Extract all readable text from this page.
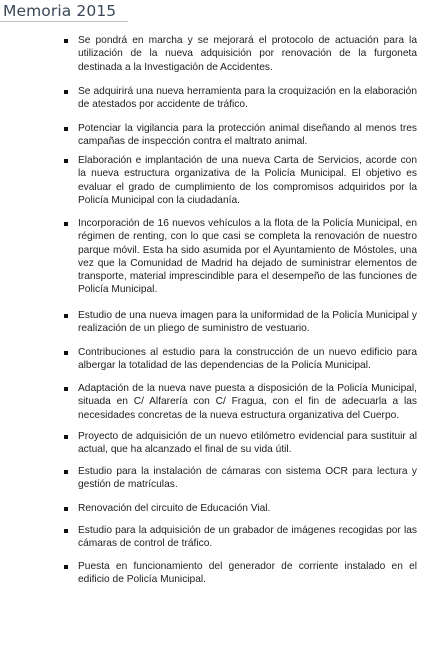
Memoria 2015
Se pondrá en marcha y se mejorará el protocolo de actuación para la utilización de la nueva adquisición por renovación de la furgoneta destinada a la Investigación de Accidentes.
Se adquirirá una nueva herramienta para la croquización en la elaboración de atestados por accidente de tráfico.
Potenciar la vigilancia para la protección animal diseñando al menos tres campañas de inspección contra el maltrato animal.
Elaboración e implantación de una nueva Carta de Servicios, acorde con la nueva estructura organizativa de la Policía Municipal. El objetivo es evaluar el grado de cumplimiento de los compromisos adquiridos por la Policía Municipal con la ciudadanía.
Incorporación de 16 nuevos vehículos a la flota de la Policía Municipal, en régimen de renting, con lo que casi se completa la renovación de nuestro parque móvil. Esta ha sido asumida por el Ayuntamiento de Móstoles, una vez que la Comunidad de Madrid ha dejado de suministrar elementos de transporte, material imprescindible para el desempeño de las funciones de Policía Municipal.
Estudio de una nueva imagen para la uniformidad de la Policía Municipal y realización de un pliego de suministro de vestuario.
Contribuciones al estudio para la construcción de un nuevo edificio para albergar la totalidad de las dependencias de la Policía Municipal.
Adaptación de la nueva nave puesta a disposición de la Policía Municipal, situada en C/ Alfarería con C/ Fragua, con el fin de adecuarla a las necesidades concretas de la nueva estructura organizativa del Cuerpo.
Proyecto de adquisición de un nuevo etilómetro evidencial para sustituir al actual, que ha alcanzado el final de su vida útil.
Estudio para la instalación de cámaras con sistema OCR para lectura y gestión de matrículas.
Renovación del circuito de Educación Vial.
Estudio para la adquisición de un grabador de imágenes recogidas por las cámaras de control de tráfico.
Puesta en funcionamiento del generador de corriente instalado en el edificio de Policía Municipal.
